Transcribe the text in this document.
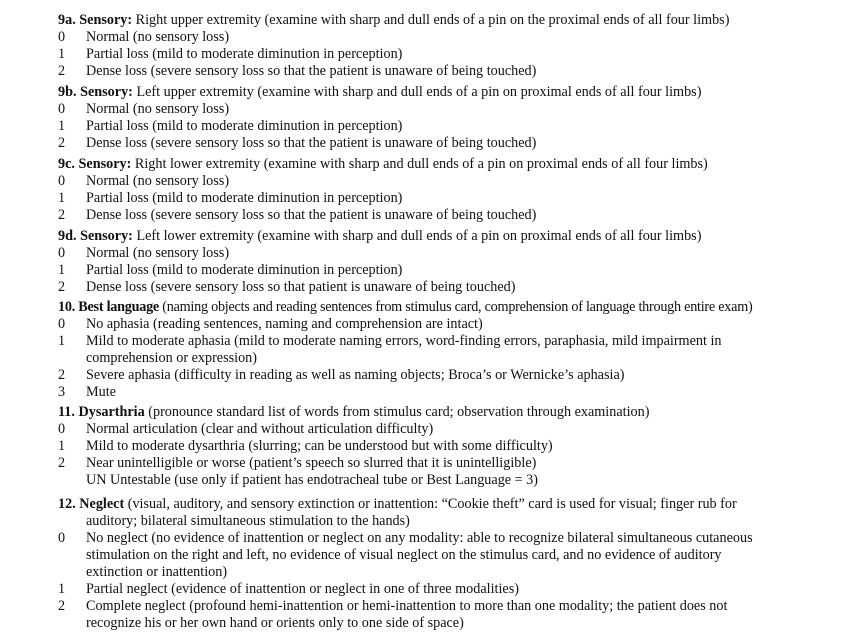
9a. Sensory: Right upper extremity (examine with sharp and dull ends of a pin on the proximal ends of all four limbs)
0 Normal (no sensory loss)
1 Partial loss (mild to moderate diminution in perception)
2 Dense loss (severe sensory loss so that the patient is unaware of being touched)
9b. Sensory: Left upper extremity (examine with sharp and dull ends of a pin on proximal ends of all four limbs)
0 Normal (no sensory loss)
1 Partial loss (mild to moderate diminution in perception)
2 Dense loss (severe sensory loss so that the patient is unaware of being touched)
9c. Sensory: Right lower extremity (examine with sharp and dull ends of a pin on proximal ends of all four limbs)
0 Normal (no sensory loss)
1 Partial loss (mild to moderate diminution in perception)
2 Dense loss (severe sensory loss so that the patient is unaware of being touched)
9d. Sensory: Left lower extremity (examine with sharp and dull ends of a pin on proximal ends of all four limbs)
0 Normal (no sensory loss)
1 Partial loss (mild to moderate diminution in perception)
2 Dense loss (severe sensory loss so that patient is unaware of being touched)
10. Best language (naming objects and reading sentences from stimulus card, comprehension of language through entire exam)
0 No aphasia (reading sentences, naming and comprehension are intact)
1 Mild to moderate aphasia (mild to moderate naming errors, word-finding errors, paraphasia, mild impairment in
comprehension or expression)
2 Severe aphasia (difficulty in reading as well as naming objects; Broca’s or Wernicke’s aphasia)
3 Mute
11. Dysarthria (pronounce standard list of words from stimulus card; observation through examination)
0 Normal articulation (clear and without articulation difficulty)
1 Mild to moderate dysarthria (slurring; can be understood but with some difficulty)
2 Near unintelligible or worse (patient’s speech so slurred that it is unintelligible)
UN Untestable (use only if patient has endotracheal tube or Best Language = 3)
12. Neglect (visual, auditory, and sensory extinction or inattention: “Cookie theft” card is used for visual; finger rub for
auditory; bilateral simultaneous stimulation to the hands)
0 No neglect (no evidence of inattention or neglect on any modality: able to recognize bilateral simultaneous cutaneous
stimulation on the right and left, no evidence of visual neglect on the stimulus card, and no evidence of auditory
extinction or inattention)
1 Partial neglect (evidence of inattention or neglect in one of three modalities)
2 Complete neglect (profound hemi-inattention or hemi-inattention to more than one modality; the patient does not
recognize his or her own hand or orients only to one side of space)
